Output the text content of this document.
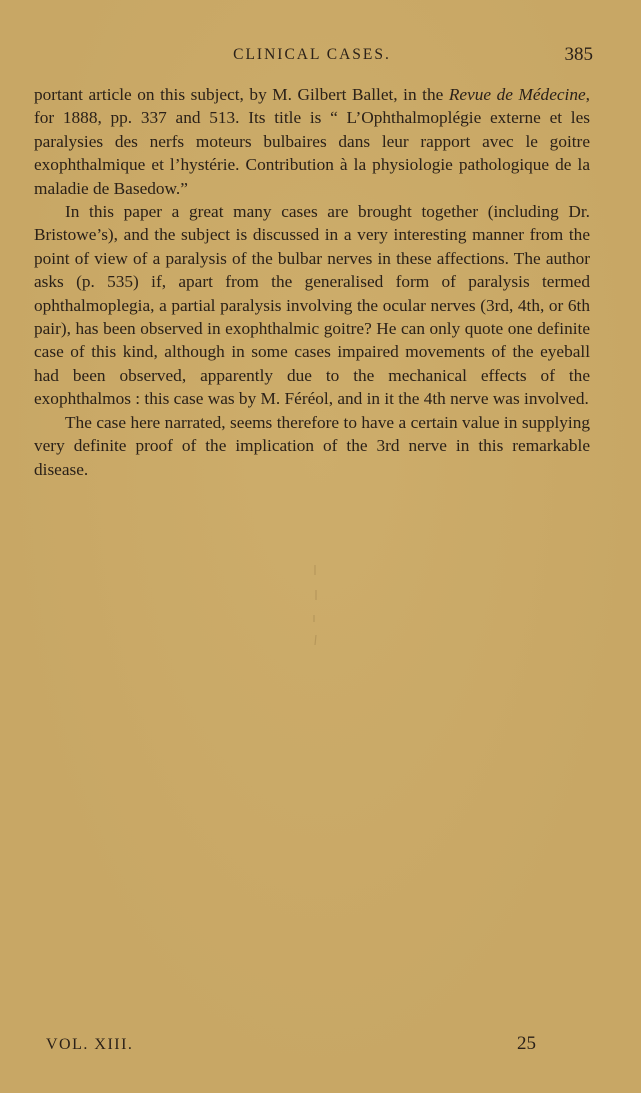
CLINICAL CASES.	385

portant article on this subject, by M. Gilbert Ballet, in the Revue de Médecine, for 1888, pp. 337 and 513. Its title is “ L’Ophthalmoplégie externe et les paralysies des nerfs moteurs bulbaires dans leur rapport avec le goitre exophthalmique et l’hystérie. Contribution à la physiologie pathologique de la maladie de Basedow.”

In this paper a great many cases are brought together (including Dr. Bristowe’s), and the subject is discussed in a very interesting manner from the point of view of a paralysis of the bulbar nerves in these affections. The author asks (p. 535) if, apart from the generalised form of paralysis termed ophthalmoplegia, a partial paralysis involving the ocular nerves (3rd, 4th, or 6th pair), has been observed in exophthalmic goitre? He can only quote one definite case of this kind, although in some cases impaired movements of the eyeball had been observed, apparently due to the mechanical effects of the exophthalmos : this case was by M. Féréol, and in it the 4th nerve was involved.

The case here narrated, seems therefore to have a certain value in supplying very definite proof of the implication of the 3rd nerve in this remarkable disease.

VOL. XIII.	25
